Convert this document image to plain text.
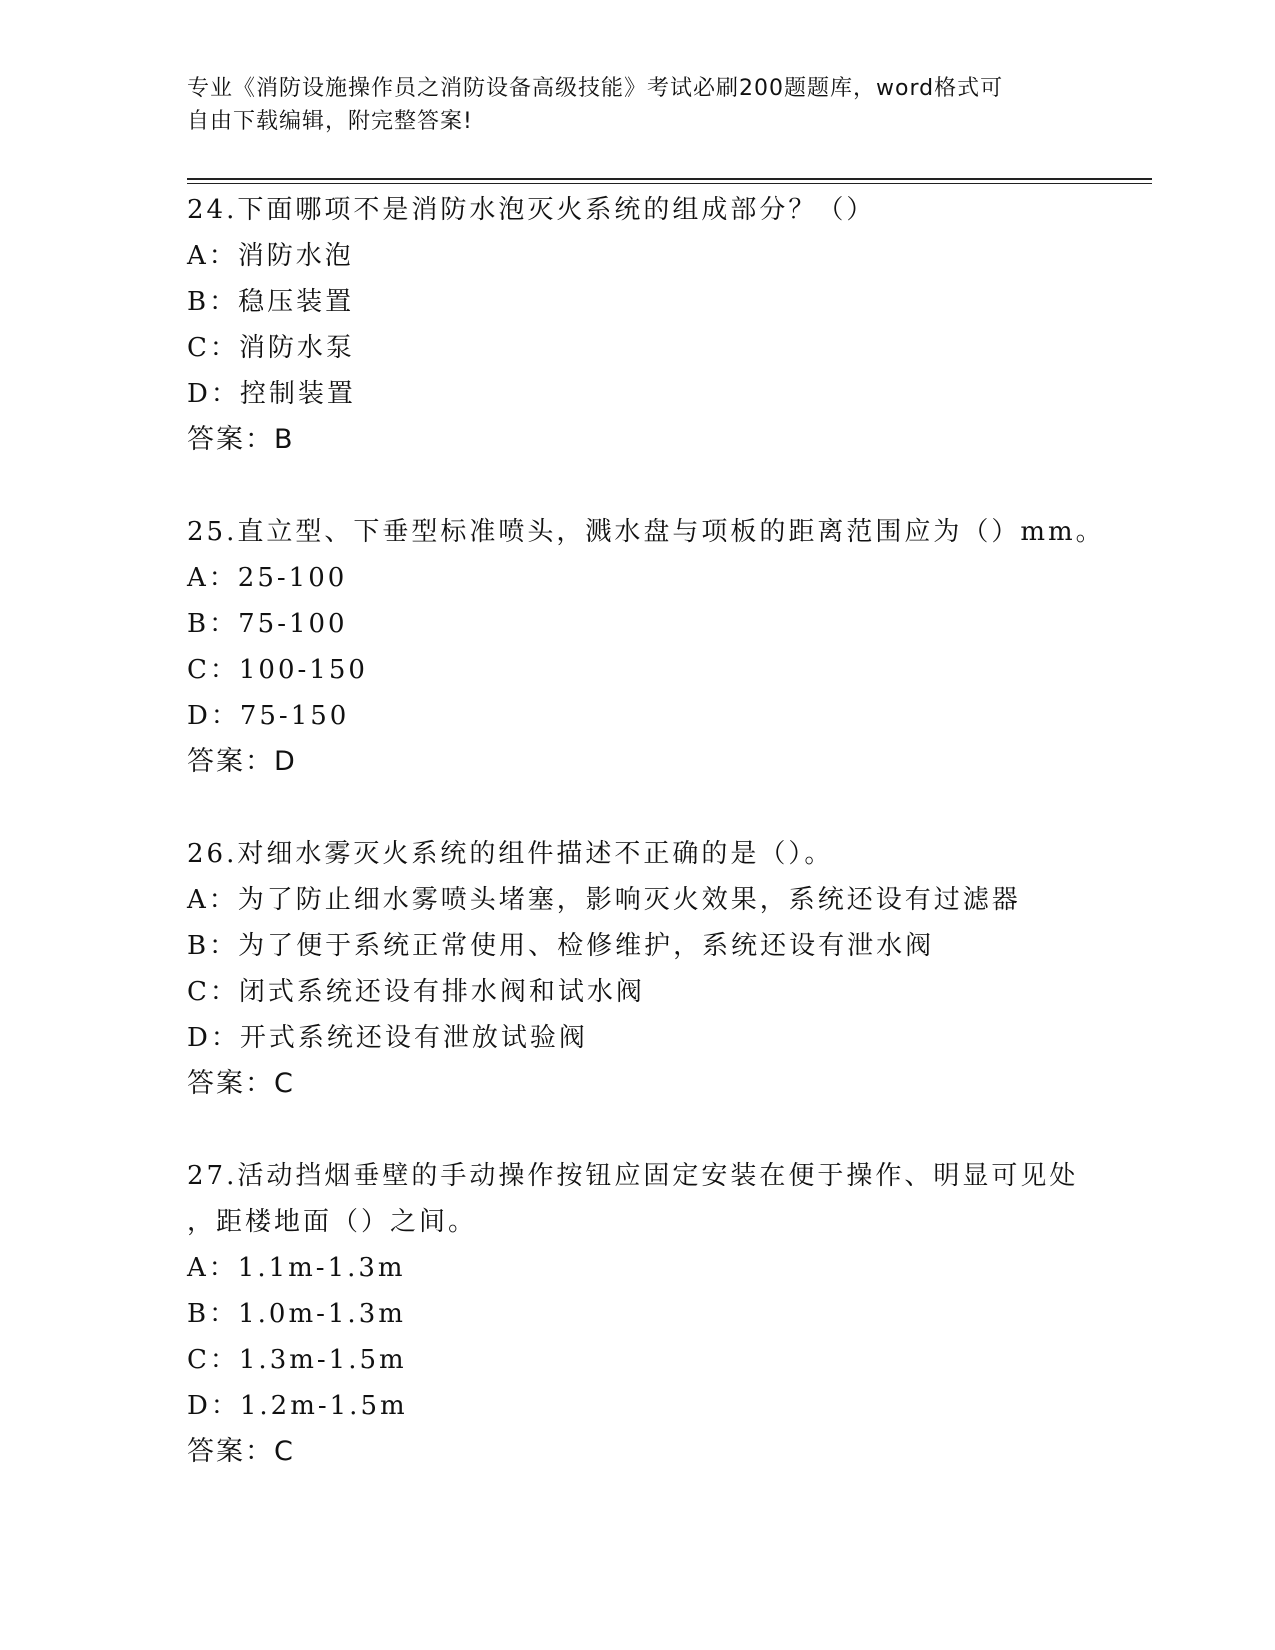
专业《消防设施操作员之消防设备高级技能》考试必刷200题题库，word格式可
自由下载编辑，附完整答案!
24.下面哪项不是消防水泡灭火系统的组成部分？（）
A：消防水泡
B：稳压装置
C：消防水泵
D：控制装置
答案：B
25.直立型、下垂型标准喷头，溅水盘与项板的距离范围应为（）mm。
A：25-100
B：75-100
C：100-150
D：75-150
答案：D
26.对细水雾灭火系统的组件描述不正确的是（）。
A：为了防止细水雾喷头堵塞，影响灭火效果，系统还设有过滤器
B：为了便于系统正常使用、检修维护，系统还设有泄水阀
C：闭式系统还设有排水阀和试水阀
D：开式系统还设有泄放试验阀
答案：C
27.活动挡烟垂壁的手动操作按钮应固定安装在便于操作、明显可见处
，距楼地面（）之间。
A：1.1m-1.3m
B：1.0m-1.3m
C：1.3m-1.5m
D：1.2m-1.5m
答案：C
